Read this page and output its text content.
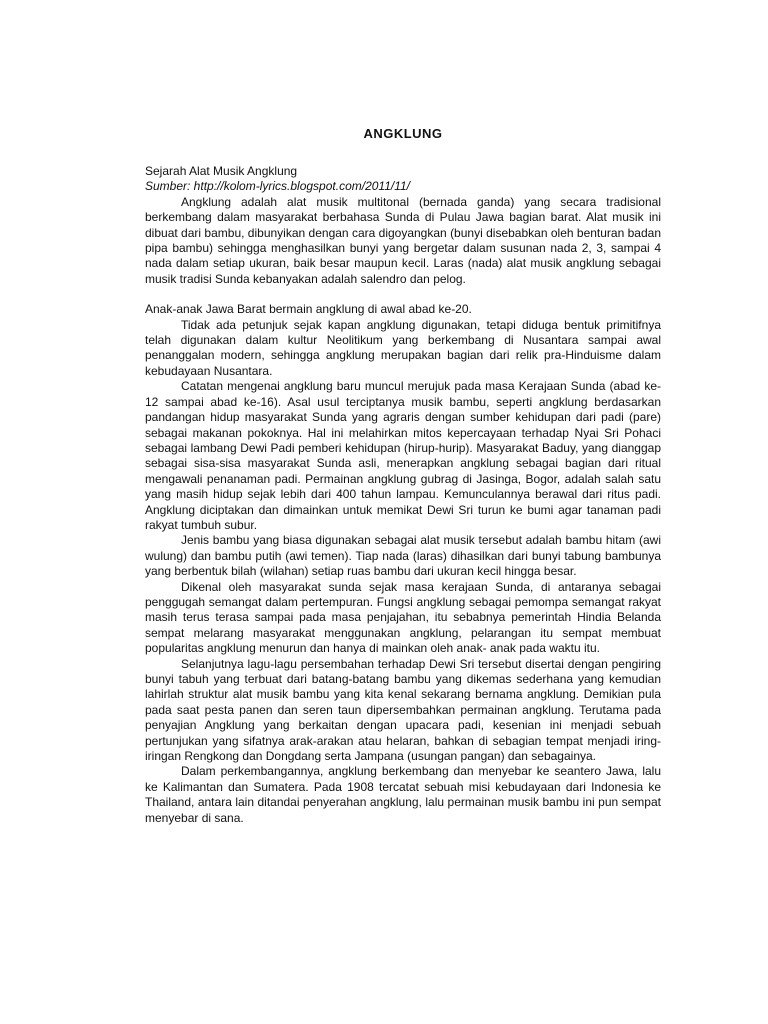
ANGKLUNG
Sejarah Alat Musik Angklung
Sumber: http://kolom-lyrics.blogspot.com/2011/11/

Angklung adalah alat musik multitonal (bernada ganda) yang secara tradisional berkembang dalam masyarakat berbahasa Sunda di Pulau Jawa bagian barat. Alat musik ini dibuat dari bambu, dibunyikan dengan cara digoyangkan (bunyi disebabkan oleh benturan badan pipa bambu) sehingga menghasilkan bunyi yang bergetar dalam susunan nada 2, 3, sampai 4 nada dalam setiap ukuran, baik besar maupun kecil. Laras (nada) alat musik angklung sebagai musik tradisi Sunda kebanyakan adalah salendro dan pelog.

Anak-anak Jawa Barat bermain angklung di awal abad ke-20.

Tidak ada petunjuk sejak kapan angklung digunakan, tetapi diduga bentuk primitifnya telah digunakan dalam kultur Neolitikum yang berkembang di Nusantara sampai awal penanggalan modern, sehingga angklung merupakan bagian dari relik pra-Hinduisme dalam kebudayaan Nusantara.

Catatan mengenai angklung baru muncul merujuk pada masa Kerajaan Sunda (abad ke-12 sampai abad ke-16). Asal usul terciptanya musik bambu, seperti angklung berdasarkan pandangan hidup masyarakat Sunda yang agraris dengan sumber kehidupan dari padi (pare) sebagai makanan pokoknya. Hal ini melahirkan mitos kepercayaan terhadap Nyai Sri Pohaci sebagai lambang Dewi Padi pemberi kehidupan (hirup-hurip). Masyarakat Baduy, yang dianggap sebagai sisa-sisa masyarakat Sunda asli, menerapkan angklung sebagai bagian dari ritual mengawali penanaman padi. Permainan angklung gubrag di Jasinga, Bogor, adalah salah satu yang masih hidup sejak lebih dari 400 tahun lampau. Kemunculannya berawal dari ritus padi. Angklung diciptakan dan dimainkan untuk memikat Dewi Sri turun ke bumi agar tanaman padi rakyat tumbuh subur.

Jenis bambu yang biasa digunakan sebagai alat musik tersebut adalah bambu hitam (awi wulung) dan bambu putih (awi temen). Tiap nada (laras) dihasilkan dari bunyi tabung bambunya yang berbentuk bilah (wilahan) setiap ruas bambu dari ukuran kecil hingga besar.

Dikenal oleh masyarakat sunda sejak masa kerajaan Sunda, di antaranya sebagai penggugah semangat dalam pertempuran. Fungsi angklung sebagai pemompa semangat rakyat masih terus terasa sampai pada masa penjajahan, itu sebabnya pemerintah Hindia Belanda sempat melarang masyarakat menggunakan angklung, pelarangan itu sempat membuat popularitas angklung menurun dan hanya di mainkan oleh anak- anak pada waktu itu.

Selanjutnya lagu-lagu persembahan terhadap Dewi Sri tersebut disertai dengan pengiring bunyi tabuh yang terbuat dari batang-batang bambu yang dikemas sederhana yang kemudian lahirlah struktur alat musik bambu yang kita kenal sekarang bernama angklung. Demikian pula pada saat pesta panen dan seren taun dipersembahkan permainan angklung. Terutama pada penyajian Angklung yang berkaitan dengan upacara padi, kesenian ini menjadi sebuah pertunjukan yang sifatnya arak-arakan atau helaran, bahkan di sebagian tempat menjadi iring-iringan Rengkong dan Dongdang serta Jampana (usungan pangan) dan sebagainya.

Dalam perkembangannya, angklung berkembang dan menyebar ke seantero Jawa, lalu ke Kalimantan dan Sumatera. Pada 1908 tercatat sebuah misi kebudayaan dari Indonesia ke Thailand, antara lain ditandai penyerahan angklung, lalu permainan musik bambu ini pun sempat menyebar di sana.
